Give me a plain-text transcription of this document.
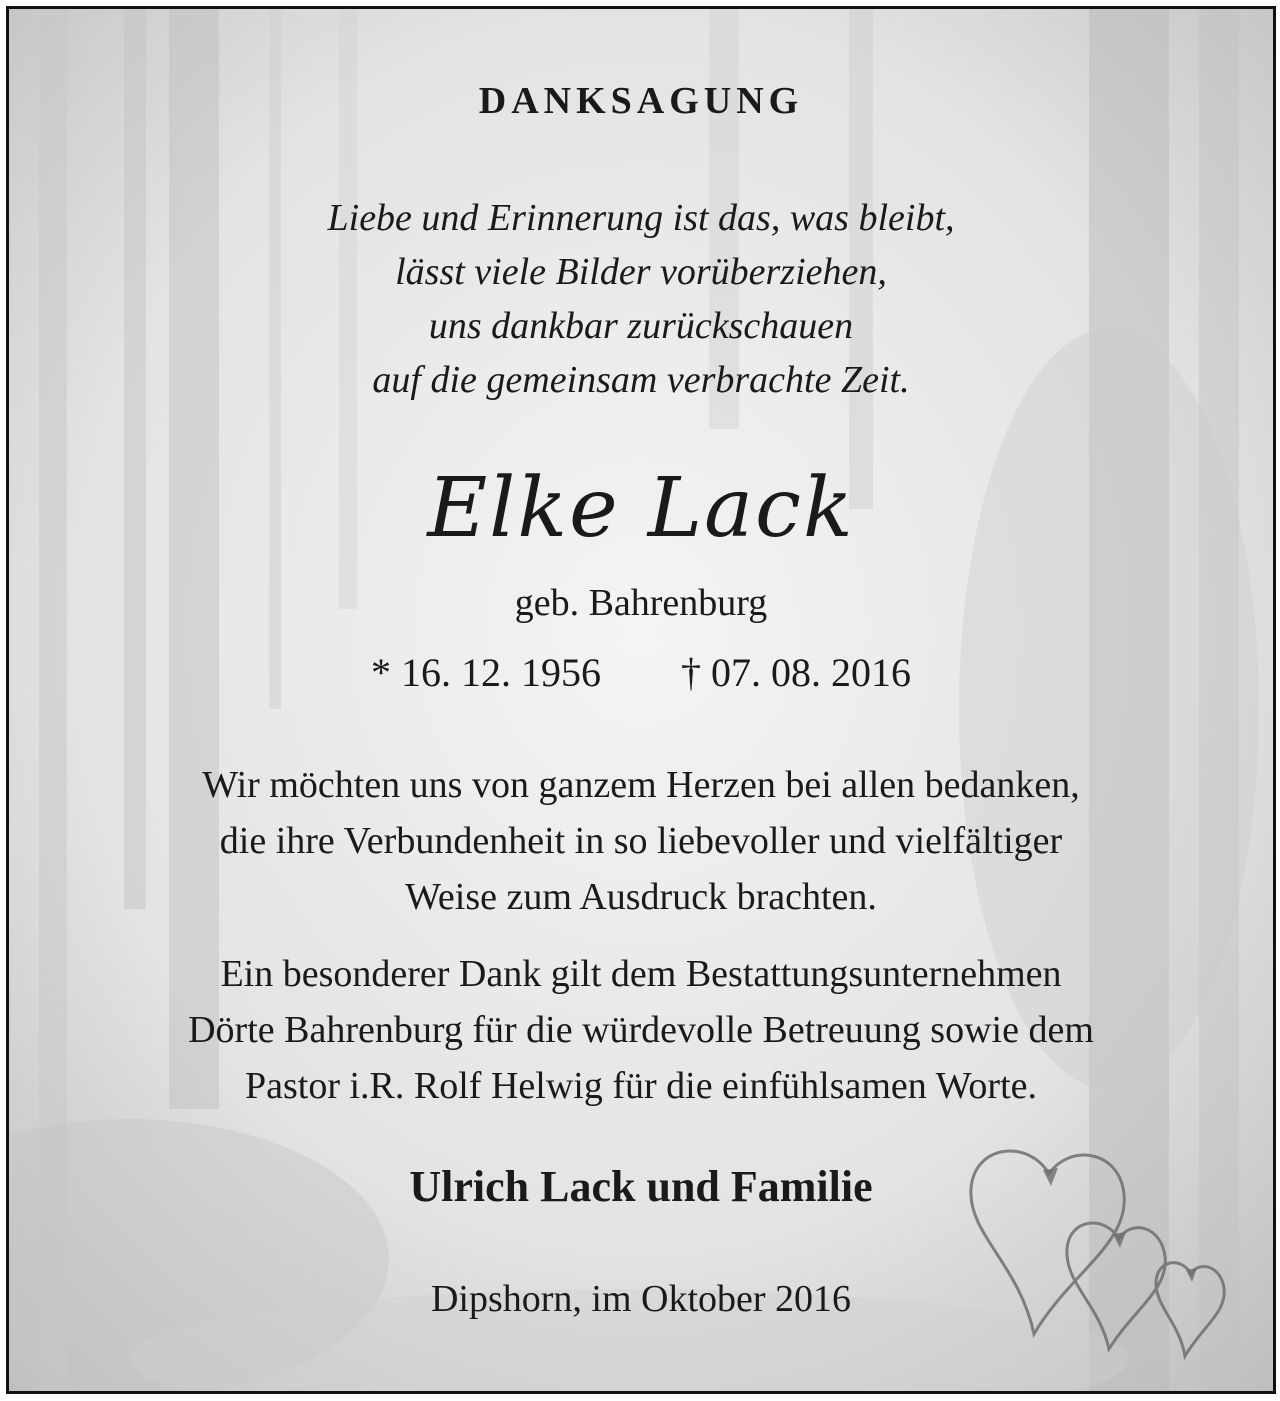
DANKSAGUNG
Liebe und Erinnerung ist das, was bleibt,
lässt viele Bilder vorüberziehen,
uns dankbar zurückschauen
auf die gemeinsam verbrachte Zeit.
Elke Lack
geb. Bahrenburg
* 16. 12. 1956 † 07. 08. 2016
Wir möchten uns von ganzem Herzen bei allen bedanken,
die ihre Verbundenheit in so liebevoller und vielfältiger
Weise zum Ausdruck brachten.
Ein besonderer Dank gilt dem Bestattungsunternehmen
Dörte Bahrenburg für die würdevolle Betreuung sowie dem
Pastor i.R. Rolf Helwig für die einfühlsamen Worte.
Ulrich Lack und Familie
Dipshorn, im Oktober 2016
